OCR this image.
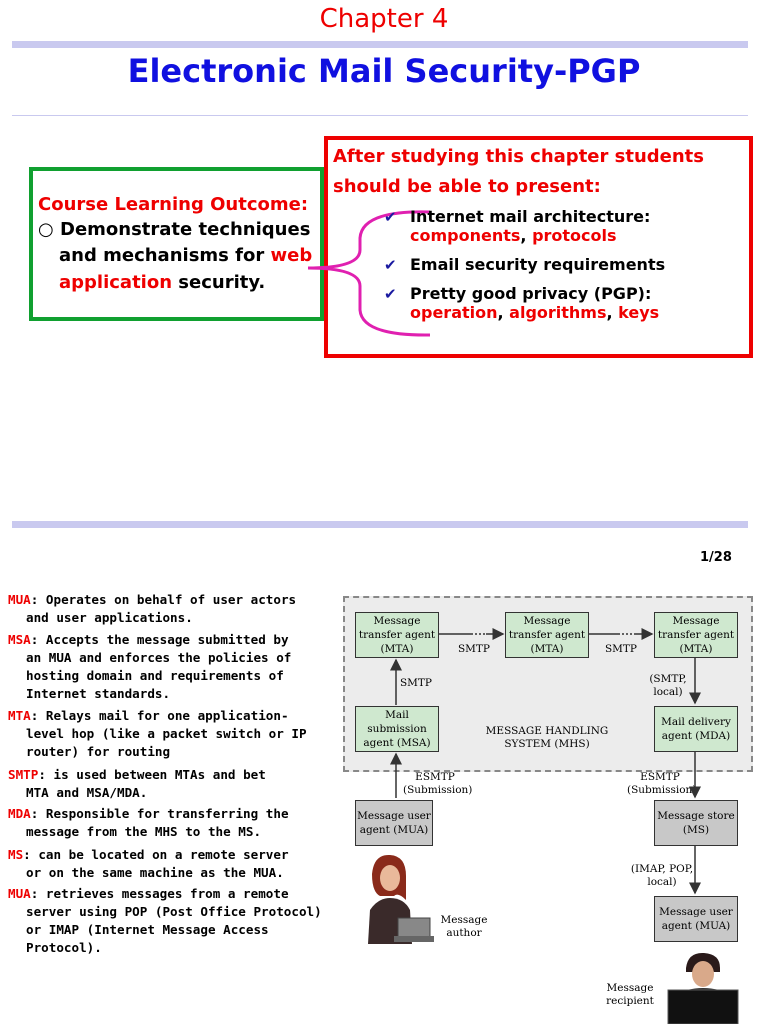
Chapter 4
Electronic Mail Security-PGP
Course Learning Outcome:
○ Demonstrate techniques
and mechanisms for web
application security.
After studying this chapter students
should be able to present:
✔ Internet mail architecture:
components, protocols
✔ Email security requirements
✔ Pretty good privacy (PGP):
operation, algorithms, keys
1/28
MUA: Operates on behalf of user actors
and user applications.
MSA: Accepts the message submitted by
an MUA and enforces the policies of
hosting domain and requirements of
Internet standards.
MTA: Relays mail for one application-
level hop (like a packet switch or IP
router) for routing
SMTP: is used between MTAs and bet
MTA and MSA/MDA.
MDA: Responsible for transferring the
message from the MHS to the MS.
MS: can be located on a remote server
or on the same machine as the MUA.
MUA: retrieves messages from a remote
server using POP (Post Office Protocol)
or IMAP (Internet Message Access
Protocol).
Message transfer agent (MTA)
Message transfer agent (MTA)
Message transfer agent (MTA)
Mail submission agent (MSA)
Mail delivery agent (MDA)
MESSAGE HANDLING SYSTEM (MHS)
SMTP	SMTP
SMTP	(SMTP, local)
ESMTP (Submission)
ESMTP (Submission)
Message user agent (MUA)
Message store (MS)
(IMAP, POP, local)
Message user agent (MUA)
Message author
Message recipient
